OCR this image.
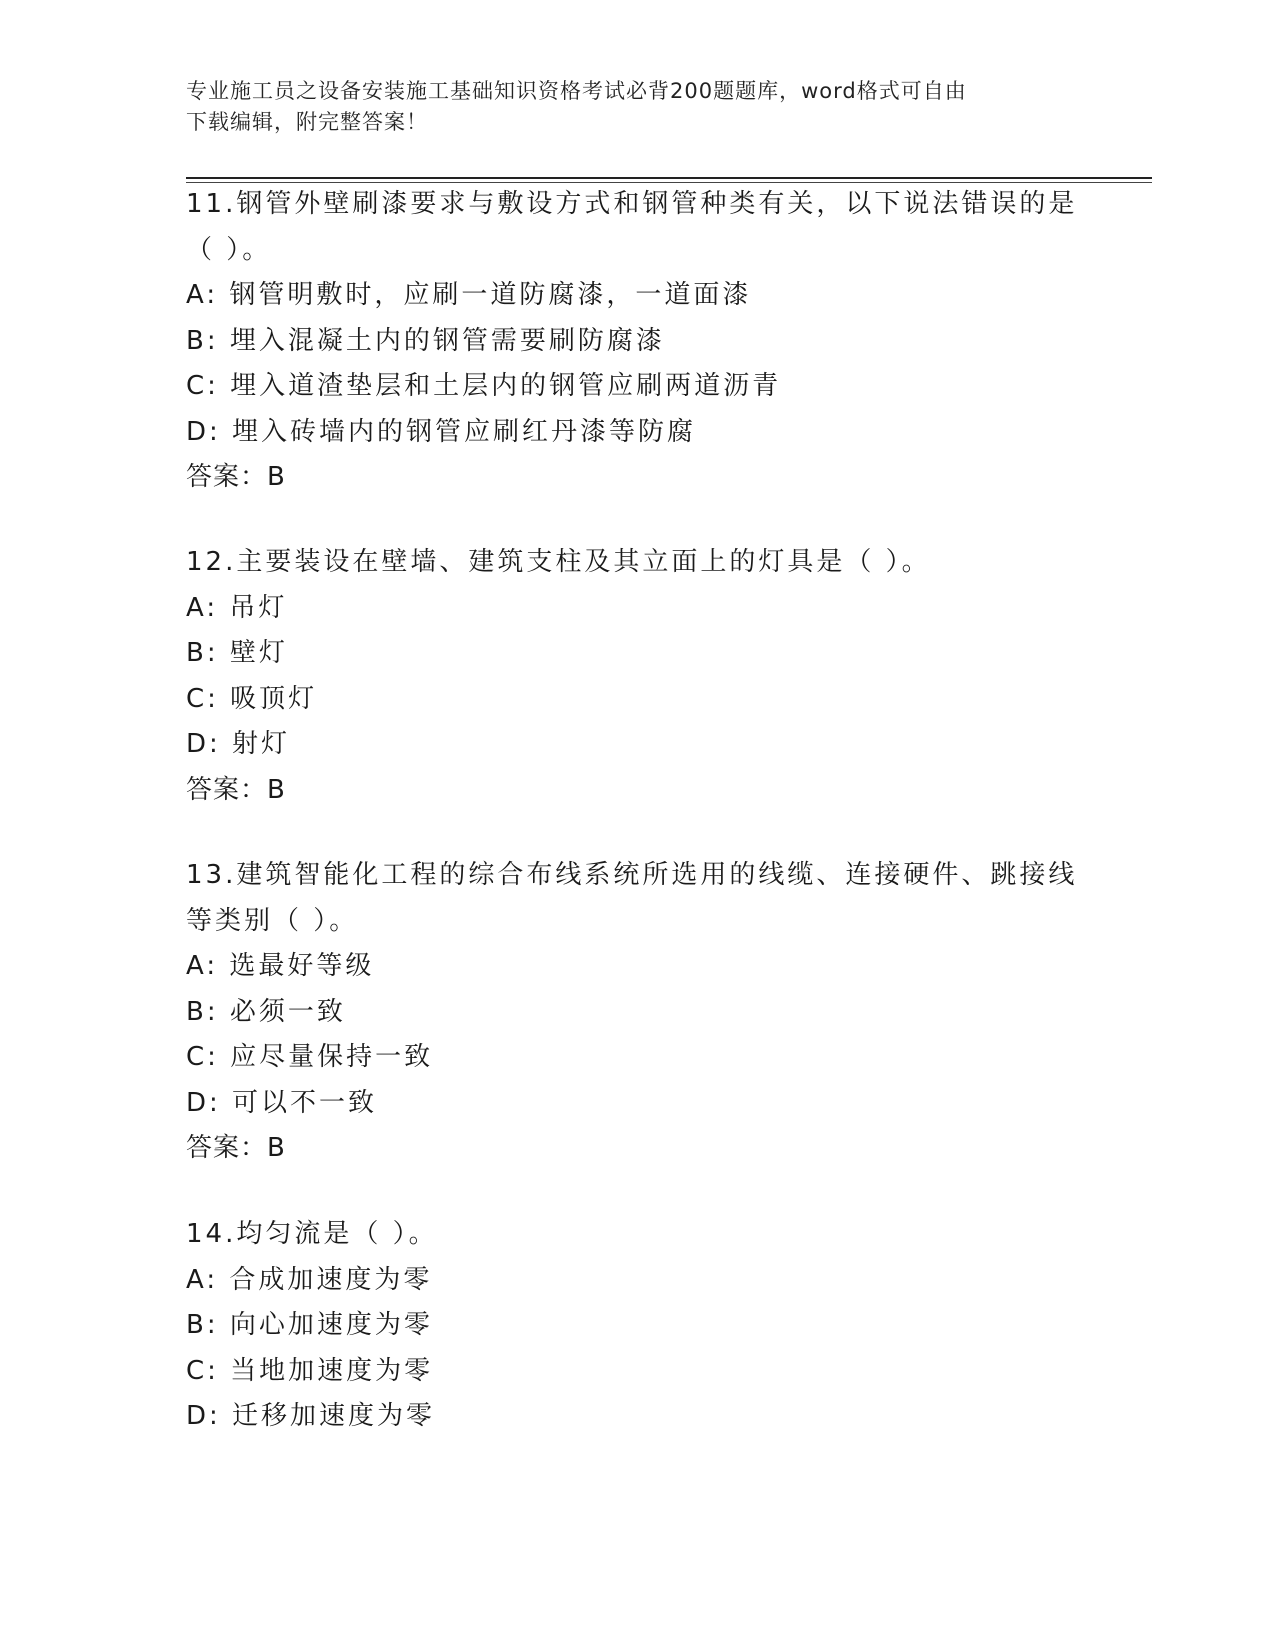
专业施工员之设备安装施工基础知识资格考试必背200题题库，word格式可自由
下载编辑，附完整答案！
11.钢管外壁刷漆要求与敷设方式和钢管种类有关，以下说法错误的是
（ ）。
A: 钢管明敷时，应刷一道防腐漆，一道面漆
B: 埋入混凝土内的钢管需要刷防腐漆
C: 埋入道渣垫层和土层内的钢管应刷两道沥青
D: 埋入砖墙内的钢管应刷红丹漆等防腐
答案：B
12.主要装设在壁墙、建筑支柱及其立面上的灯具是（ ）。
A: 吊灯
B: 壁灯
C: 吸顶灯
D: 射灯
答案：B
13.建筑智能化工程的综合布线系统所选用的线缆、连接硬件、跳接线
等类别（ ）。
A: 选最好等级
B: 必须一致
C: 应尽量保持一致
D: 可以不一致
答案：B
14.均匀流是（ ）。
A: 合成加速度为零
B: 向心加速度为零
C: 当地加速度为零
D: 迁移加速度为零
